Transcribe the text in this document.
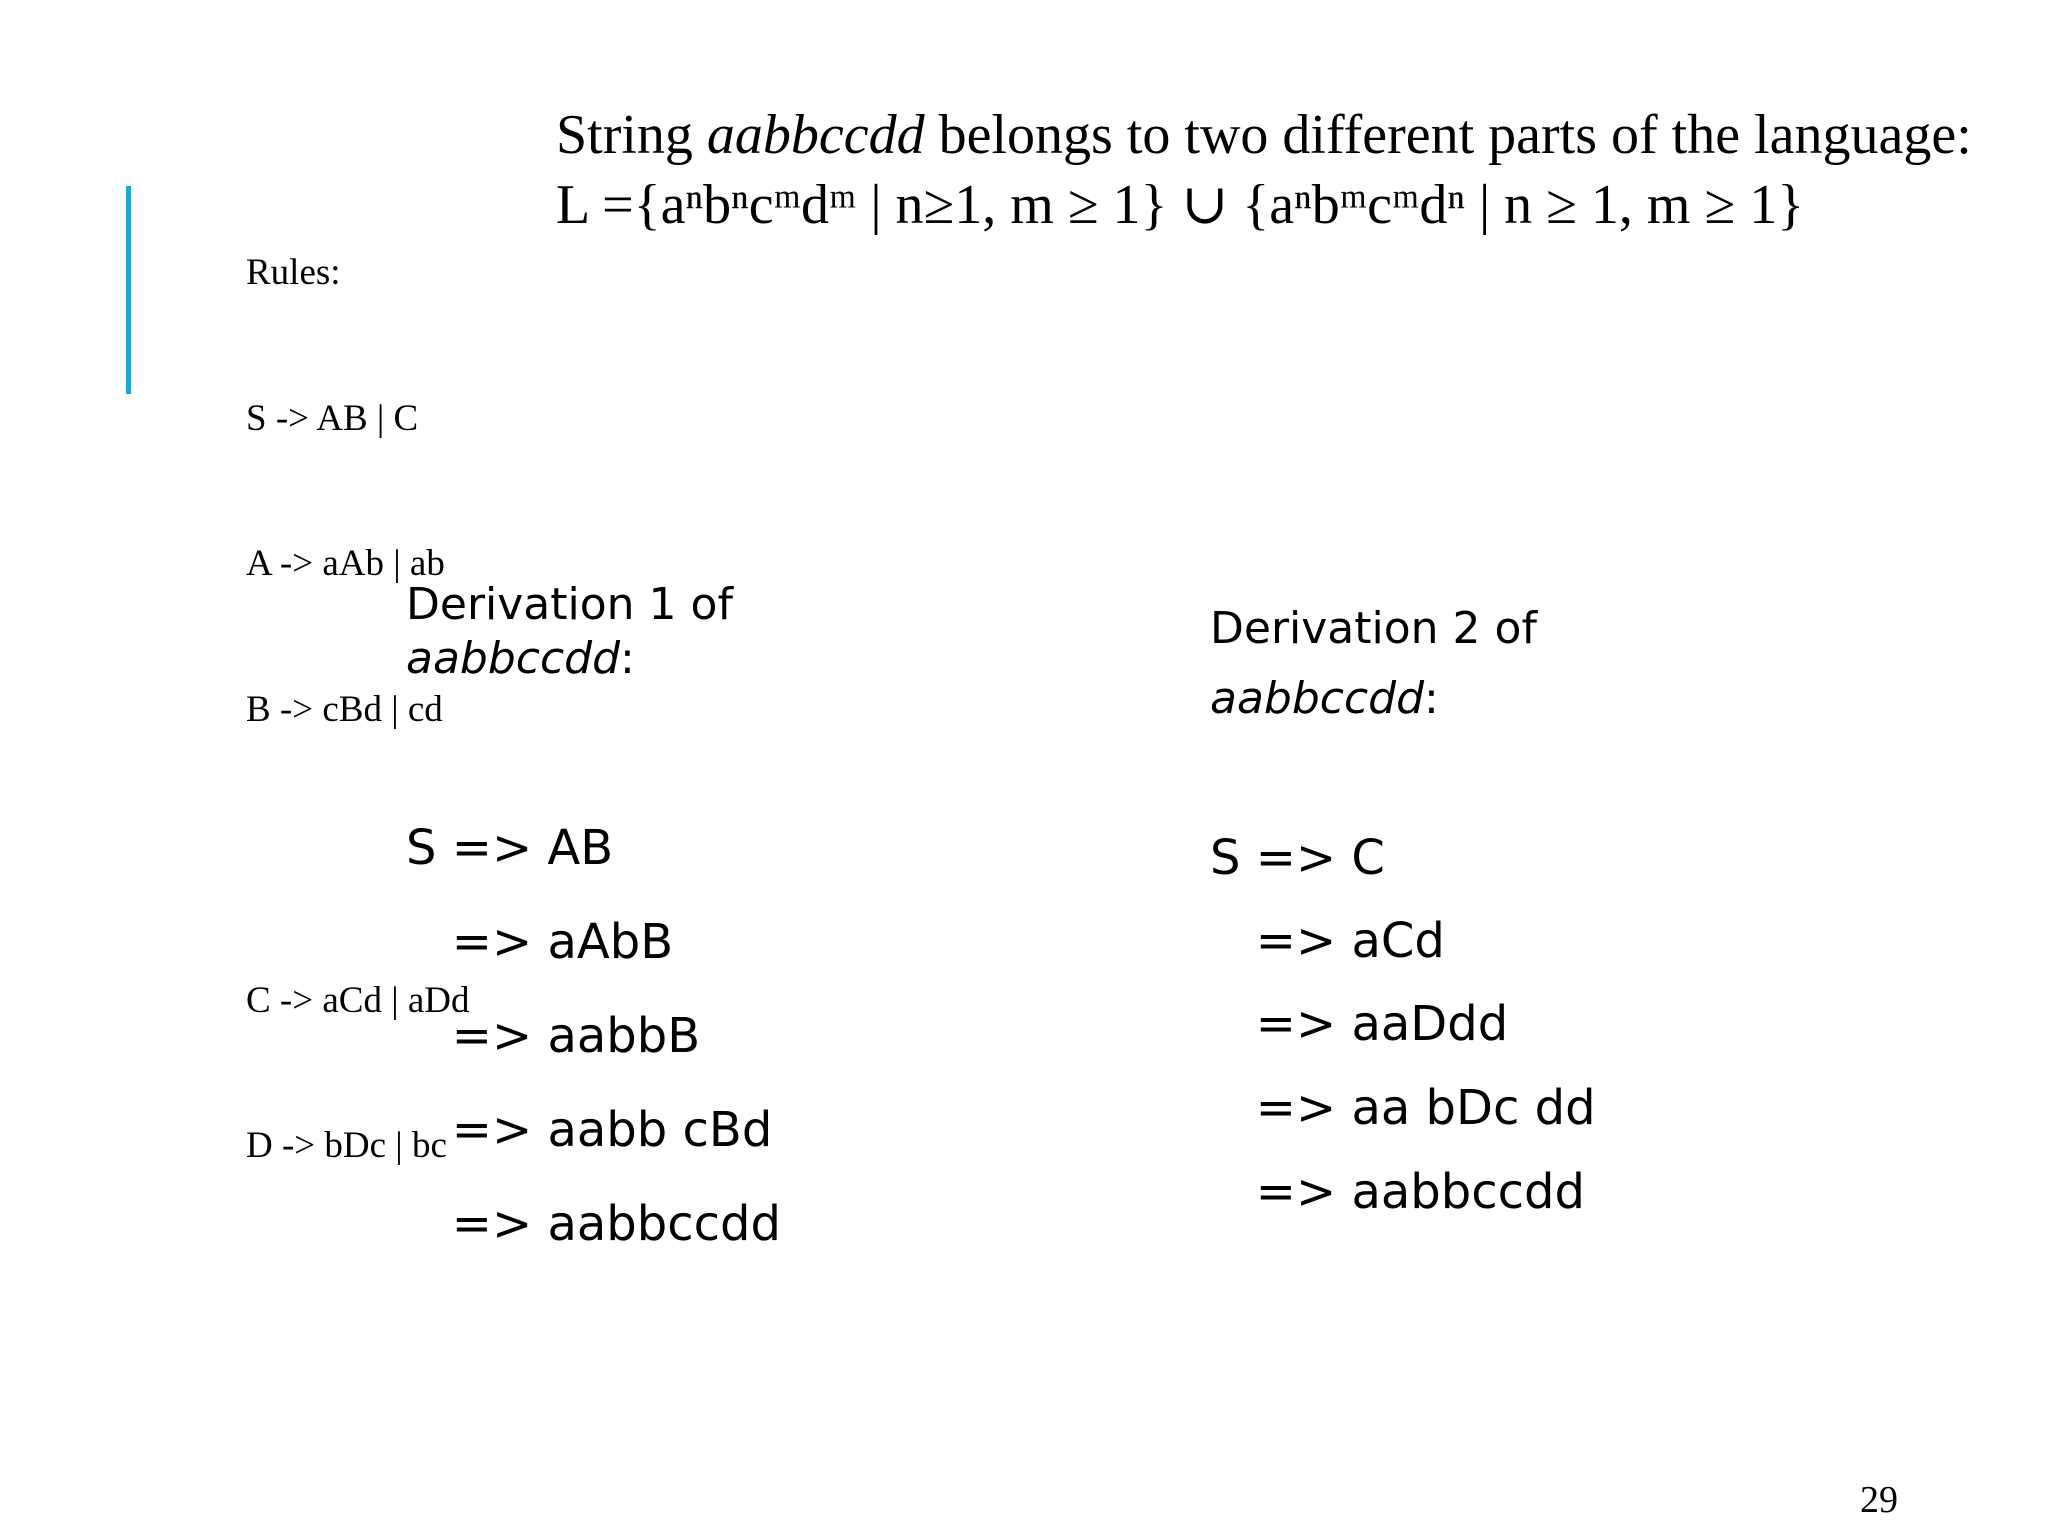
Rules:

S -> AB | C

A -> aAb | ab

B -> cBd | cd

C -> aCd | aDd

D -> bDc | bc

String aabbccdd belongs to two different parts of the language:
L ={aⁿbⁿcᵐdᵐ | n≥1, m ≥ 1} ∪ {aⁿbᵐcᵐdⁿ | n ≥ 1, m ≥ 1}
Derivation 1 of
aabbccdd:
Derivation 2 of
aabbccdd:

S => AB

=> aAbB

=> aabbB

=> aabb cBd

=> aabbccdd

S => C

=> aCd

=> aaDdd

=> aa bDc dd

=> aabbccdd

29
